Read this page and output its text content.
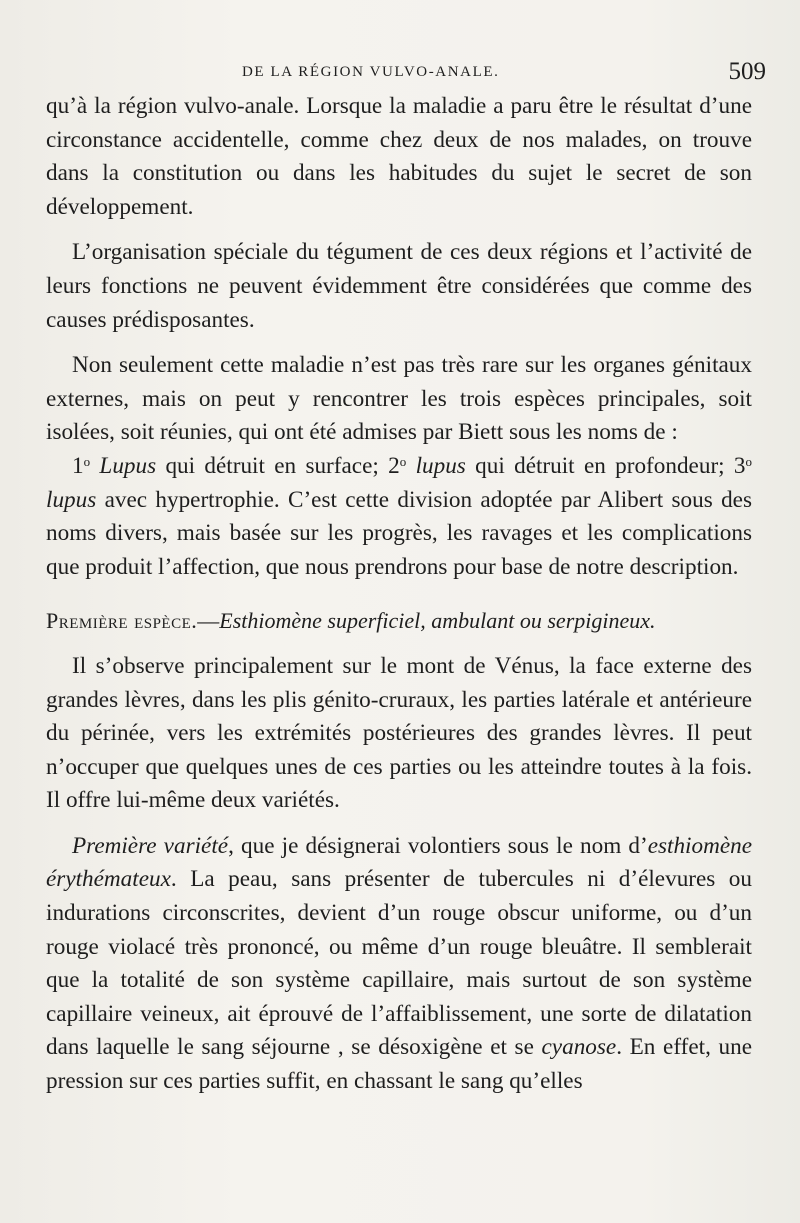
DE LA RÉGION VULVO-ANALE.	509

qu’à la région vulvo-anale. Lorsque la maladie a paru être le résultat d’une circonstance accidentelle, comme chez deux de nos malades, on trouve dans la constitution ou dans les habitudes du sujet le secret de son développement.

L’organisation spéciale du tégument de ces deux régions et l’activité de leurs fonctions ne peuvent évidemment être considérées que comme des causes prédisposantes.

Non seulement cette maladie n’est pas très rare sur les organes génitaux externes, mais on peut y rencontrer les trois espèces principales, soit isolées, soit réunies, qui ont été admises par Biett sous les noms de :

1$^o$ Lupus qui détruit en surface; 2$^o$ lupus qui détruit en profondeur; 3$^o$ lupus avec hypertrophie. C’est cette division adoptée par Alibert sous des noms divers, mais basée sur les progrès, les ravages et les complications que produit l’affection, que nous prendrons pour base de notre description.

Première espèce.—Esthiomène superficiel, ambulant ou serpigineux.

Il s’observe principalement sur le mont de Vénus, la face externe des grandes lèvres, dans les plis génito-cruraux, les parties latérale et antérieure du périnée, vers les extrémités postérieures des grandes lèvres. Il peut n’occuper que quelques unes de ces parties ou les atteindre toutes à la fois. Il offre lui-même deux variétés.

Première variété, que je désignerai volontiers sous le nom d’esthiomène érythémateux. La peau, sans présenter de tubercules ni d’élevures ou indurations circonscrites, devient d’un rouge obscur uniforme, ou d’un rouge violacé très prononcé, ou même d’un rouge bleuâtre. Il semblerait que la totalité de son système capillaire, mais surtout de son système capillaire veineux, ait éprouvé de l’affaiblissement, une sorte de dilatation dans laquelle le sang séjourne , se désoxigène et se cyanose. En effet, une pression sur ces parties suffit, en chassant le sang qu’elles
